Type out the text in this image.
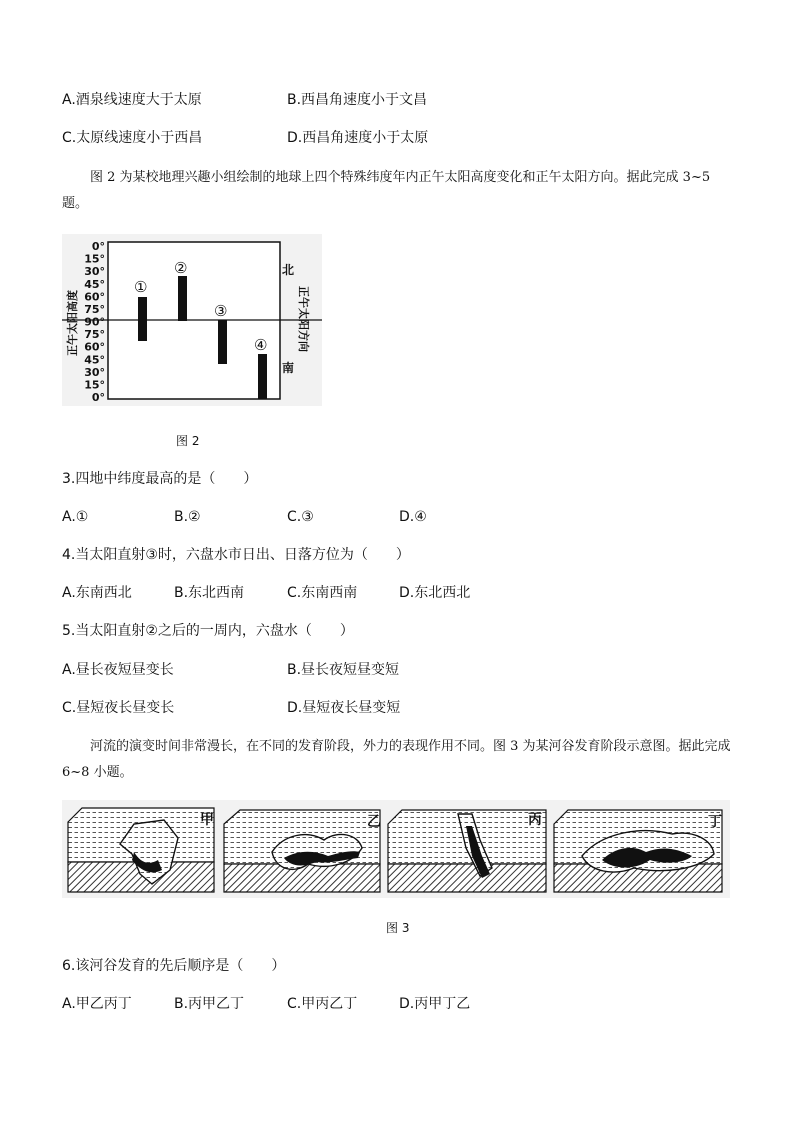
A.酒泉线速度大于太原	B.西昌角速度小于文昌
C.太原线速度小于西昌	D.西昌角速度小于太原
图 2 为某校地理兴趣小组绘制的地球上四个特殊纬度年内正午太阳高度变化和正午太阳方向。据此完成 3~5 题。
0°
15°
30°
45°
60°
75°
90°
75°
60°
45°
30°
15°
0°
正午太阳高度	正午太阳方向
北
南
①
②
③
④
图 2
3.四地中纬度最高的是（　　）
A.①	B.②	C.③	D.④
4.当太阳直射③时，六盘水市日出、日落方位为（　　）
A.东南西北	B.东北西南	C.东南西南	D.东北西北
5.当太阳直射②之后的一周内，六盘水（　　）
A.昼长夜短昼变长	B.昼长夜短昼变短
C.昼短夜长昼变长	D.昼短夜长昼变短
河流的演变时间非常漫长，在不同的发育阶段，外力的表现作用不同。图 3 为某河谷发育阶段示意图。据此完成 6~8 小题。
甲	乙	丙	丁
图 3
6.该河谷发育的先后顺序是（　　）
A.甲乙丙丁	B.丙甲乙丁	C.甲丙乙丁	D.丙甲丁乙
